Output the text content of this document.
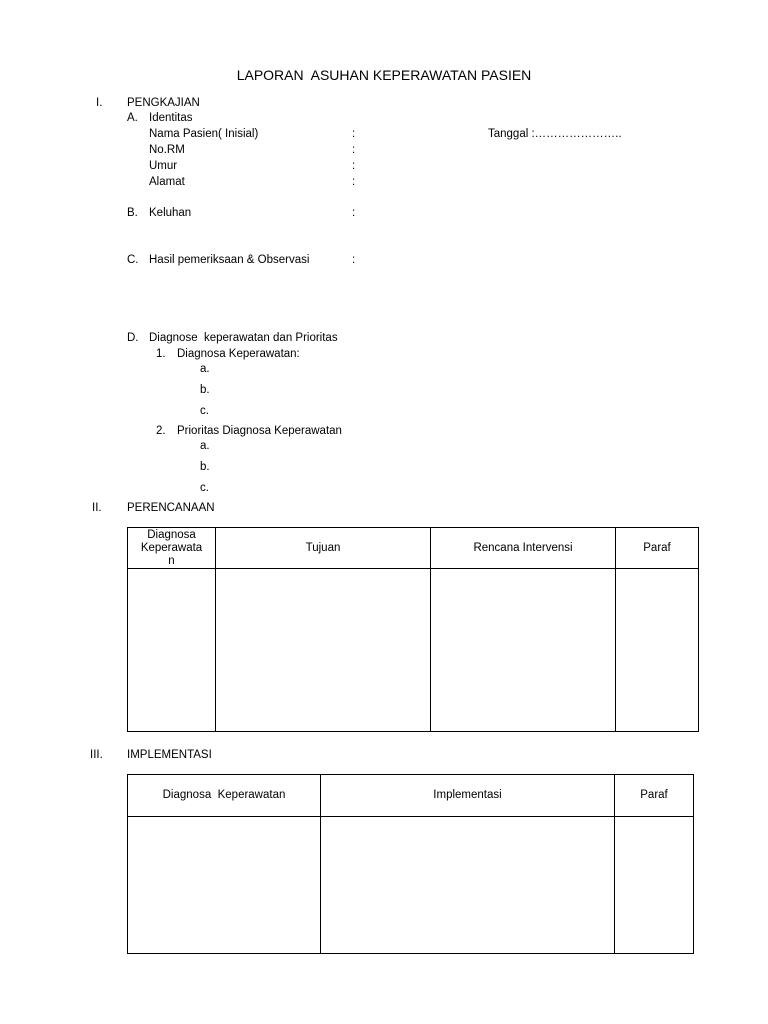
LAPORAN  ASUHAN KEPERAWATAN PASIEN
I. PENGKAJIAN
A. Identitas
Nama Pasien( Inisial)	:	Tanggal :…………………..
No.RM	:
Umur	:
Alamat	:
B. Keluhan	:
C. Hasil pemeriksaan & Observasi	:
D. Diagnose  keperawatan dan Prioritas
1. Diagnosa Keperawatan:
a.
b.
c.
2. Prioritas Diagnosa Keperawatan
a.
b.
c.
II. PERENCANAAN
Diagnosa
Keperawata
n	Tujuan	Rencana Intervensi	Paraf

III. IMPLEMENTASI
Diagnosa  Keperawatan	Implementasi	Paraf
